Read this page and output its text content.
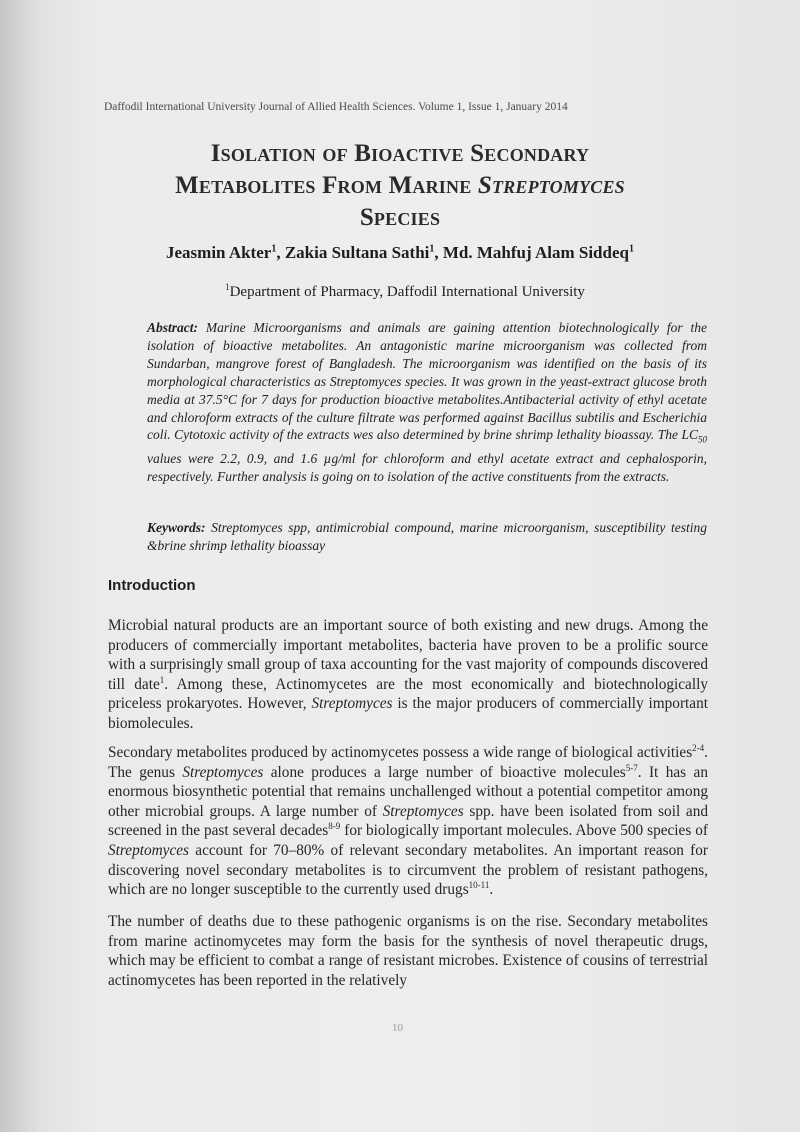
Daffodil International University Journal of Allied Health Sciences. Volume 1, Issue 1, January 2014
Isolation of Bioactive Secondary
Metabolites From Marine Streptomyces
Species
Jeasmin Akter$^1$, Zakia Sultana Sathi$^1$, Md. Mahfuj Alam Siddeq$^1$
$^1$Department of Pharmacy, Daffodil International University
Abstract: Marine Microorganisms and animals are gaining attention biotechnologically for the isolation of bioactive metabolites. An antagonistic marine microorganism was collected from Sundarban, mangrove forest of Bangladesh. The microorganism was identified on the basis of its morphological characteristics as Streptomyces species. It was grown in the yeast-extract glucose broth media at 37.5°C for 7 days for production bioactive metabolites.Antibacterial activity of ethyl acetate and chloroform extracts of the culture filtrate was performed against Bacillus subtilis and Escherichia coli. Cytotoxic activity of the extracts wes also determined by brine shrimp lethality bioassay. The $LC_{50}$ values were 2.2, 0.9, and 1.6 µg/ml for chloroform and ethyl acetate extract and cephalosporin, respectively. Further analysis is going on to isolation of the active constituents from the extracts.
Keywords: Streptomyces spp, antimicrobial compound, marine microorganism, susceptibility testing &brine shrimp lethality bioassay
Introduction
Microbial natural products are an important source of both existing and new drugs. Among the producers of commercially important metabolites, bacteria have proven to be a prolific source with a surprisingly small group of taxa accounting for the vast majority of compounds discovered till date$^1$. Among these, Actinomycetes are the most economically and biotechnologically priceless prokaryotes. However, Streptomyces is the major producers of commercially important biomolecules.
Secondary metabolites produced by actinomycetes possess a wide range of biological activities$^{2-4}$. The genus Streptomyces alone produces a large number of bioactive molecules$^{5-7}$. It has an enormous biosynthetic potential that remains unchallenged without a potential competitor among other microbial groups. A large number of Streptomyces spp. have been isolated from soil and screened in the past several decades$^{8-9}$ for biologically important molecules. Above 500 species of Streptomyces account for 70–80% of relevant secondary metabolites. An important reason for discovering novel secondary metabolites is to circumvent the problem of resistant pathogens, which are no longer susceptible to the currently used drugs$^{10-11}$.
The number of deaths due to these pathogenic organisms is on the rise. Secondary metabolites from marine actinomycetes may form the basis for the synthesis of novel therapeutic drugs, which may be efficient to combat a range of resistant microbes. Existence of cousins of terrestrial actinomycetes has been reported in the relatively
10
